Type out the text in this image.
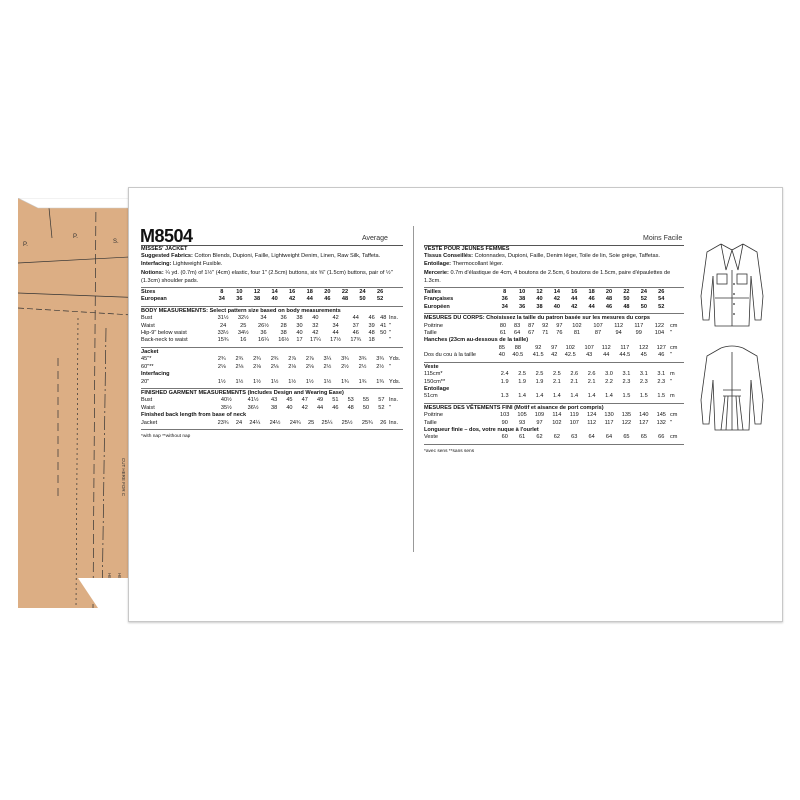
P.
P.
S.
CUT HERE FOR C
M8504	Average	Moins Facile
MISSES' JACKET
Suggested Fabrics: Cotton Blends, Dupioni, Faille, Lightweight Denim, Linen, Raw Silk, Taffeta.
Interfacing: Lightweight Fusible.
Notions: ¼ yd. (0.7m) of 1½" (4cm) elastic, four 1" (2.5cm) buttons, six ⅝" (1.5cm) buttons, pair of ½" (1.3cm) shoulder pads.
Sizes	8	10	12	14	16	18	20	22	24	26	
European	34	36	38	40	42	44	46	48	50	52	
BODY MEASUREMENTS: Select pattern size based on body measurements
Bust	31½	32½	34	36	38	40	42	44	46	48	Ins.
Waist	24	25	26½	28	30	32	34	37	39	41	"
Hip-9" below waist	33½	34½	36	38	40	42	44	46	48	50	"
Back-neck to waist	15¾	16	16¼	16½	17	17¼	17½	17¾	18		"
Jacket
45"*	2¾	2¾	2¾	2¾	2⅞	2⅞	3¼	3¾	3¾	3¾	Yds.
60"**	2⅛	2⅛	2⅛	2⅛	2⅛	2⅛	2½	2½	2½	2½	"
Interfacing
20"	1½	1½	1½	1½	1½	1½	1½	1¾	1¾	1¾	Yds.
FINISHED GARMENT MEASUREMENTS (Includes Design and Wearing Ease)
Bust	40½	41½	43	45	47	49	51	53	55	57	Ins.
Waist	35½	36½	38	40	42	44	46	48	50	52	"
Finished back length from base of neck
Jacket	23¾	24	24¼	24½	24¾	25	25¼	25½	25¾	26	Ins.
*with nap **without nap
VESTE POUR JEUNES FEMMES
Tissus Conseillés: Cotonnades, Dupioni, Faille, Denim léger, Toile de lin, Soie grège, Taffetas.
Entoilage: Thermocollant léger.
Mercerie: 0.7m d'élastique de 4cm, 4 boutons de 2.5cm, 6 boutons de 1.5cm, paire d'épaulettes de 1.3cm.
Tailles	8	10	12	14	16	18	20	22	24	26	
Françaises	36	38	40	42	44	46	48	50	52	54	
Européen	34	36	38	40	42	44	46	48	50	52	
MESURES DU CORPS: Choisissez la taille du patron basée sur les mesures du corps
Poitrine	80	83	87	92	97	102	107	112	117	122	cm
Taille	61	64	67	71	76	81	87	94	99	104	"
Hanches (23cm au-dessous de la taille)
	85	88	92	97	102	107	112	117	122	127	cm
Dos du cou à la taille	40	40.5	41.5	42	42.5	43	44	44.5	45	46	"
Veste
115cm*	2.4	2.5	2.5	2.5	2.6	2.6	3.0	3.1	3.1	3.1	m
150cm**	1.9	1.9	1.9	2.1	2.1	2.1	2.2	2.3	2.3	2.3	"
Entoilage
51cm	1.3	1.4	1.4	1.4	1.4	1.4	1.4	1.5	1.5	1.5	m
MESURES DES VÊTEMENTS FINI (Motif et aisance de port compris)
Poitrine	103	105	109	114	119	124	130	135	140	145	cm
Taille	90	93	97	102	107	112	117	122	127	132	"
Longueur finie – dos, votre nuque à l'ourlet
Veste	60	61	62	62	63	64	64	65	65	66	cm
*avec sens **sans sens
